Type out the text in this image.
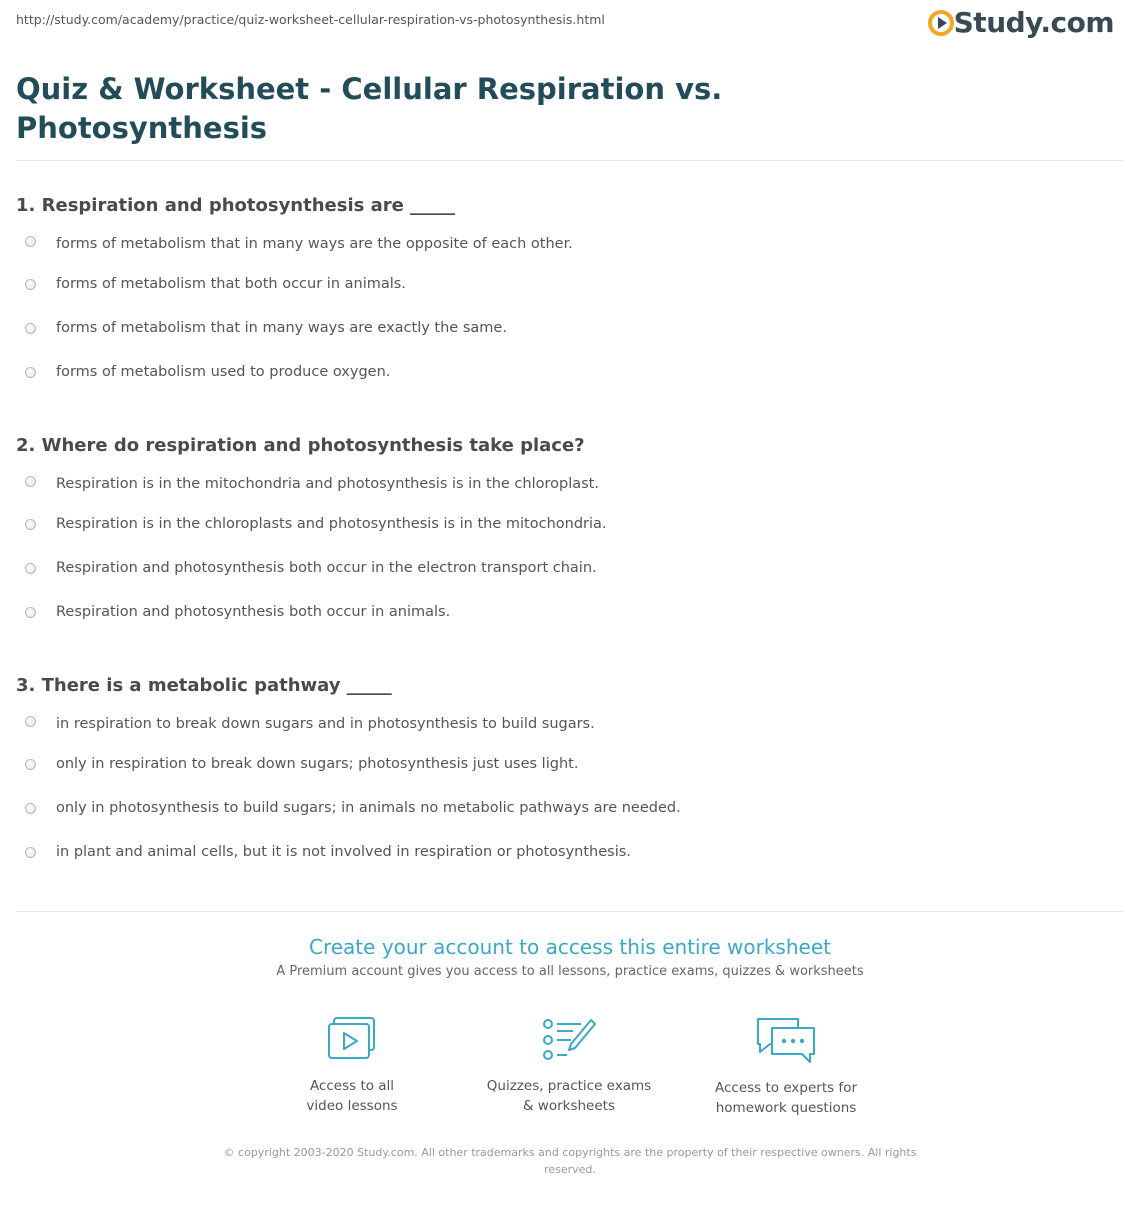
http://study.com/academy/practice/quiz-worksheet-cellular-respiration-vs-photosynthesis.html	Study.com
Quiz & Worksheet - Cellular Respiration vs. Photosynthesis
1. Respiration and photosynthesis are _____
forms of metabolism that in many ways are the opposite of each other.
forms of metabolism that both occur in animals.
forms of metabolism that in many ways are exactly the same.
forms of metabolism used to produce oxygen.
2. Where do respiration and photosynthesis take place?
Respiration is in the mitochondria and photosynthesis is in the chloroplast.
Respiration is in the chloroplasts and photosynthesis is in the mitochondria.
Respiration and photosynthesis both occur in the electron transport chain.
Respiration and photosynthesis both occur in animals.
3. There is a metabolic pathway _____
in respiration to break down sugars and in photosynthesis to build sugars.
only in respiration to break down sugars; photosynthesis just uses light.
only in photosynthesis to build sugars; in animals no metabolic pathways are needed.
in plant and animal cells, but it is not involved in respiration or photosynthesis.
Create your account to access this entire worksheet
A Premium account gives you access to all lessons, practice exams, quizzes & worksheets
Access to all
video lessons
Quizzes, practice exams
& worksheets
Access to experts for
homework questions
© copyright 2003-2020 Study.com. All other trademarks and copyrights are the property of their respective owners. All rights
reserved.
